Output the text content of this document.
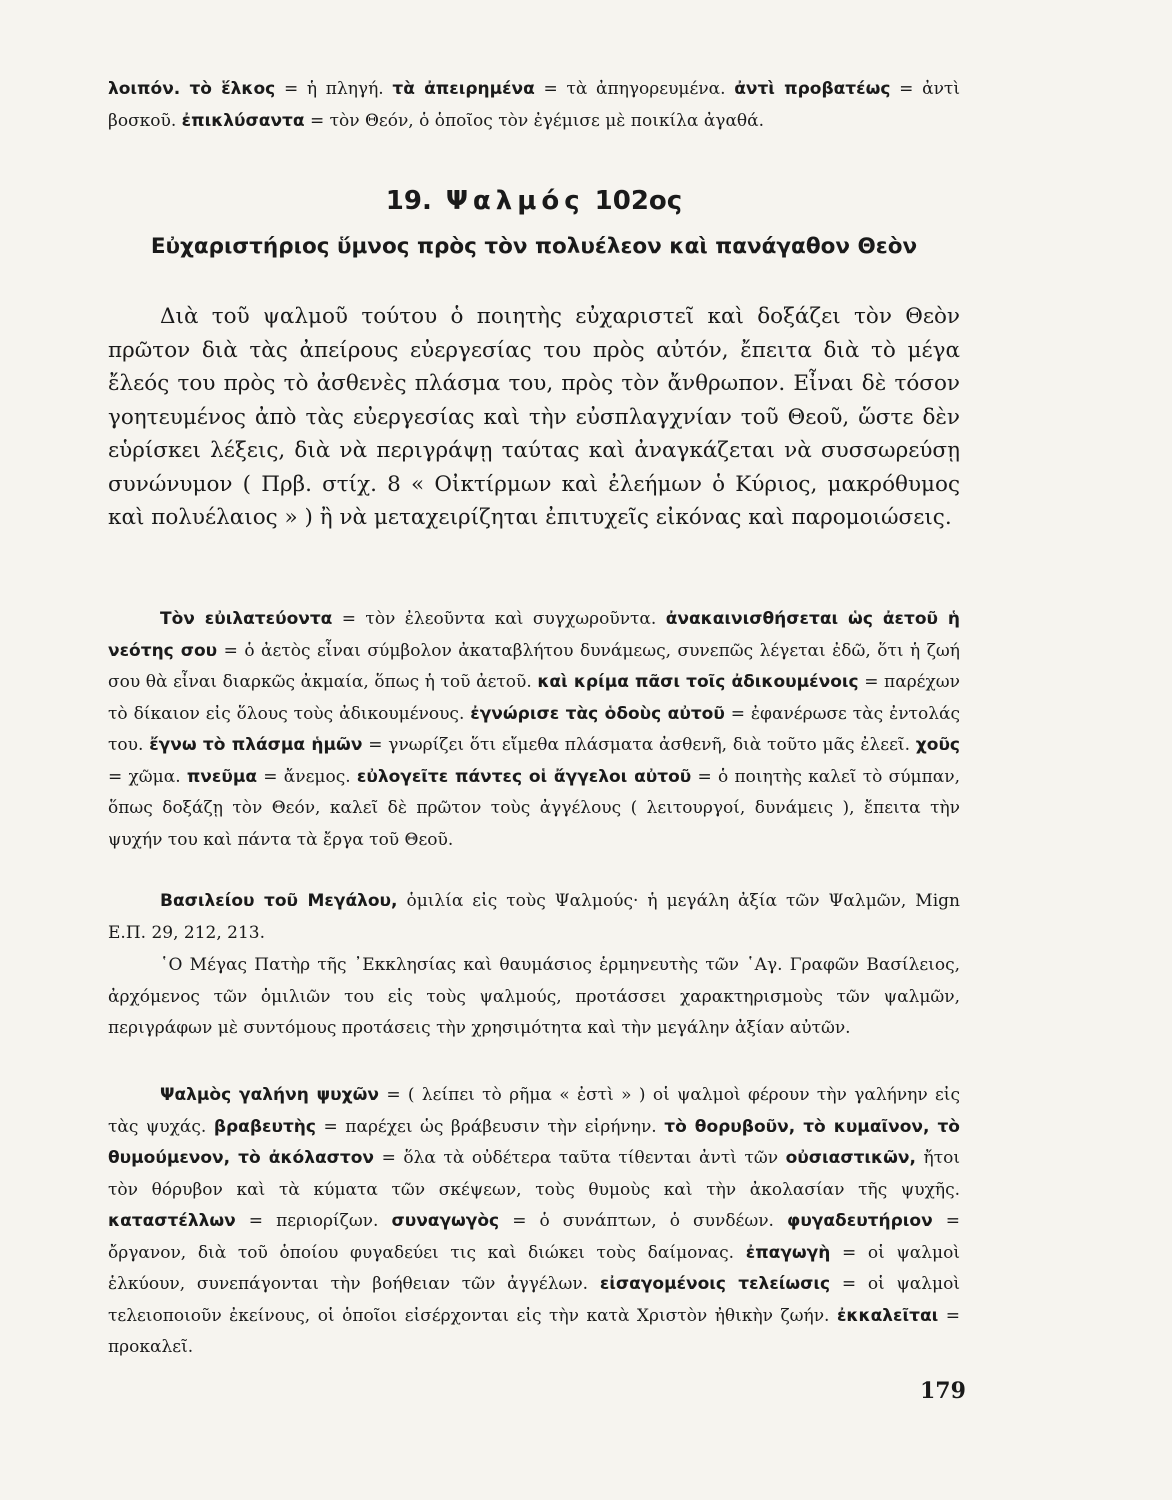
λοιπόν. τὸ ἕλκος = ἡ πληγή. τὰ ἀπειρημένα = τὰ ἀπηγορευμένα. ἀντὶ προβατέως = ἀντὶ βοσκοῦ. ἐπικλύσαντα = τὸν Θεόν, ὁ ὁποῖος τὸν ἐγέμισε μὲ ποικίλα ἀγαθά.
19. Ψαλμός 102ος
Εὐχαριστήριος ὕμνος πρὸς τὸν πολυέλεον καὶ πανάγαθον Θεὸν
Διὰ τοῦ ψαλμοῦ τούτου ὁ ποιητὴς εὐχαριστεῖ καὶ δοξάζει τὸν Θεὸν πρῶτον διὰ τὰς ἀπείρους εὐεργεσίας του πρὸς αὐτόν, ἔπειτα διὰ τὸ μέγα ἔλεός του πρὸς τὸ ἀσθενὲς πλάσμα του, πρὸς τὸν ἄνθρωπον. Εἶναι δὲ τόσον γοητευμένος ἀπὸ τὰς εὐεργεσίας καὶ τὴν εὐσπλαγχνίαν τοῦ Θεοῦ, ὥστε δὲν εὑρίσκει λέξεις, διὰ νὰ περιγράψῃ ταύτας καὶ ἀναγκάζεται νὰ συσσωρεύσῃ συνώνυμον ( Πρβ. στίχ. 8 « Οἰκτίρμων καὶ ἐλεήμων ὁ Κύριος, μακρόθυμος καὶ πολυέλαιος » ) ἢ νὰ μεταχειρίζηται ἐπιτυχεῖς εἰκόνας καὶ παρομοιώσεις.
Τὸν εὐιλατεύοντα = τὸν ἐλεοῦντα καὶ συγχωροῦντα. ἀνακαινισθήσεται ὡς ἀετοῦ ἡ νεότης σου = ὁ ἀετὸς εἶναι σύμβολον ἀκαταβλήτου δυνάμεως, συνεπῶς λέγεται ἐδῶ, ὅτι ἡ ζωή σου θὰ εἶναι διαρκῶς ἀκμαία, ὅπως ἡ τοῦ ἀετοῦ. καὶ κρίμα πᾶσι τοῖς ἀδικουμένοις = παρέχων τὸ δίκαιον εἰς ὅλους τοὺς ἀδικουμένους. ἐγνώρισε τὰς ὁδοὺς αὐτοῦ = ἐφανέρωσε τὰς ἐντολάς του. ἔγνω τὸ πλάσμα ἡμῶν = γνωρίζει ὅτι εἴμεθα πλάσματα ἀσθενῆ, διὰ τοῦτο μᾶς ἐλεεῖ. χοῦς = χῶμα. πνεῦμα = ἄνεμος. εὐλογεῖτε πάντες οἱ ἄγγελοι αὐτοῦ = ὁ ποιητὴς καλεῖ τὸ σύμπαν, ὅπως δοξάζῃ τὸν Θεόν, καλεῖ δὲ πρῶτον τοὺς ἀγγέλους ( λειτουργοί, δυνάμεις ), ἔπειτα τὴν ψυχήν του καὶ πάντα τὰ ἔργα τοῦ Θεοῦ.
Βασιλείου τοῦ Μεγάλου, ὁμιλία εἰς τοὺς Ψαλμούς· ἡ μεγάλη ἀξία τῶν Ψαλμῶν, Mign Ε.Π. 29, 212, 213.
῾Ο Μέγας Πατὴρ τῆς ᾿Εκκλησίας καὶ θαυμάσιος ἑρμηνευτὴς τῶν ῾Αγ. Γραφῶν Βασίλειος, ἀρχόμενος τῶν ὁμιλιῶν του εἰς τοὺς ψαλμούς, προτάσσει χαρακτηρισμοὺς τῶν ψαλμῶν, περιγράφων μὲ συντόμους προτάσεις τὴν χρησιμότητα καὶ τὴν μεγάλην ἀξίαν αὐτῶν.
Ψαλμὸς γαλήνη ψυχῶν = ( λείπει τὸ ρῆμα « ἐστὶ » ) οἱ ψαλμοὶ φέρουν τὴν γαλήνην εἰς τὰς ψυχάς. βραβευτὴς = παρέχει ὡς βράβευσιν τὴν εἰρήνην. τὸ θορυβοῦν, τὸ κυμαῖνον, τὸ θυμούμενον, τὸ ἀκόλαστον = ὅλα τὰ οὐδέτερα ταῦτα τίθενται ἀντὶ τῶν οὐσιαστικῶν, ἤτοι τὸν θόρυβον καὶ τὰ κύματα τῶν σκέψεων, τοὺς θυμοὺς καὶ τὴν ἀκολασίαν τῆς ψυχῆς. καταστέλλων = περιορίζων. συναγωγὸς = ὁ συνάπτων, ὁ συνδέων. φυγαδευτήριον = ὄργανον, διὰ τοῦ ὁποίου φυγαδεύει τις καὶ διώκει τοὺς δαίμονας. ἐπαγωγὴ = οἱ ψαλμοὶ ἑλκύουν, συνεπάγονται τὴν βοήθειαν τῶν ἀγγέλων. εἰσαγομένοις τελείωσις = οἱ ψαλμοὶ τελειοποιοῦν ἐκείνους, οἱ ὁποῖοι εἰσέρχονται εἰς τὴν κατὰ Χριστὸν ἠθικὴν ζωήν. ἐκκαλεῖται = προκαλεῖ.
179
